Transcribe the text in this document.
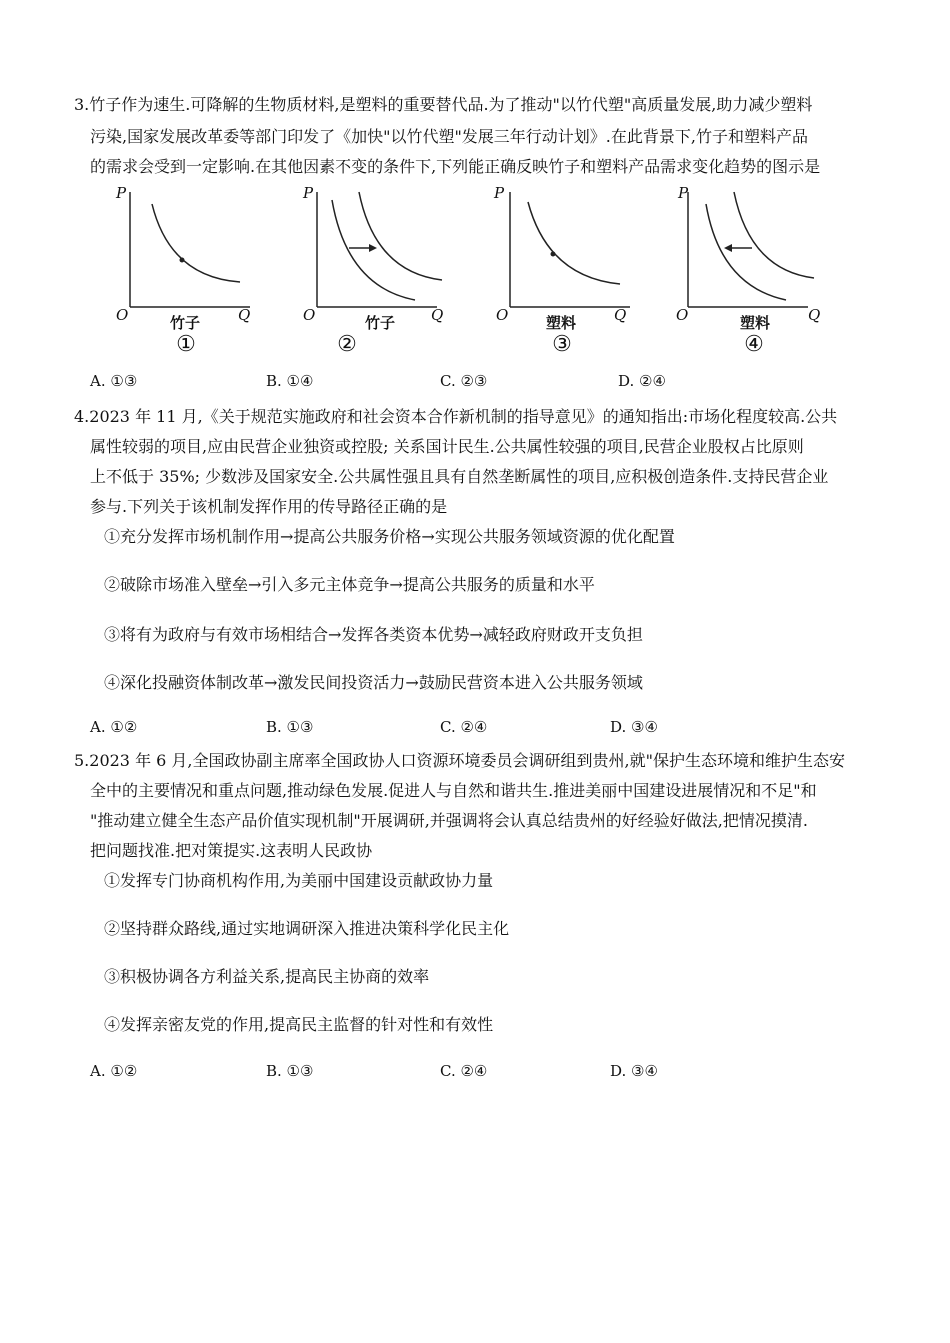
3.竹子作为速生.可降解的生物质材料,是塑料的重要替代品.为了推动"以竹代塑"高质量发展,助力减少塑料
污染,国家发展改革委等部门印发了《加快"以竹代塑"发展三年行动计划》.在此背景下,竹子和塑料产品
的需求会受到一定影响.在其他因素不变的条件下,下列能正确反映竹子和塑料产品需求变化趋势的图示是
P
O	Q
竹子
①
P
O	Q
竹子
②
P
O	Q
塑料
③
P
O	Q
塑料
④
A. ①③	B. ①④	C. ②③	D. ②④
4.2023 年 11 月,《关于规范实施政府和社会资本合作新机制的指导意见》的通知指出:市场化程度较高.公共
属性较弱的项目,应由民营企业独资或控股; 关系国计民生.公共属性较强的项目,民营企业股权占比原则
上不低于 35%; 少数涉及国家安全.公共属性强且具有自然垄断属性的项目,应积极创造条件.支持民营企业
参与.下列关于该机制发挥作用的传导路径正确的是
①充分发挥市场机制作用→提高公共服务价格→实现公共服务领域资源的优化配置
②破除市场准入壁垒→引入多元主体竞争→提高公共服务的质量和水平
③将有为政府与有效市场相结合→发挥各类资本优势→减轻政府财政开支负担
④深化投融资体制改革→激发民间投资活力→鼓励民营资本进入公共服务领域
A. ①②	B. ①③	C. ②④	D. ③④
5.2023 年 6 月,全国政协副主席率全国政协人口资源环境委员会调研组到贵州,就"保护生态环境和维护生态安
全中的主要情况和重点问题,推动绿色发展.促进人与自然和谐共生.推进美丽中国建设进展情况和不足"和
"推动建立健全生态产品价值实现机制"开展调研,并强调将会认真总结贵州的好经验好做法,把情况摸清.
把问题找准.把对策提实.这表明人民政协
①发挥专门协商机构作用,为美丽中国建设贡献政协力量
②坚持群众路线,通过实地调研深入推进决策科学化民主化
③积极协调各方利益关系,提高民主协商的效率
④发挥亲密友党的作用,提高民主监督的针对性和有效性
A. ①②	B. ①③	C. ②④	D. ③④
